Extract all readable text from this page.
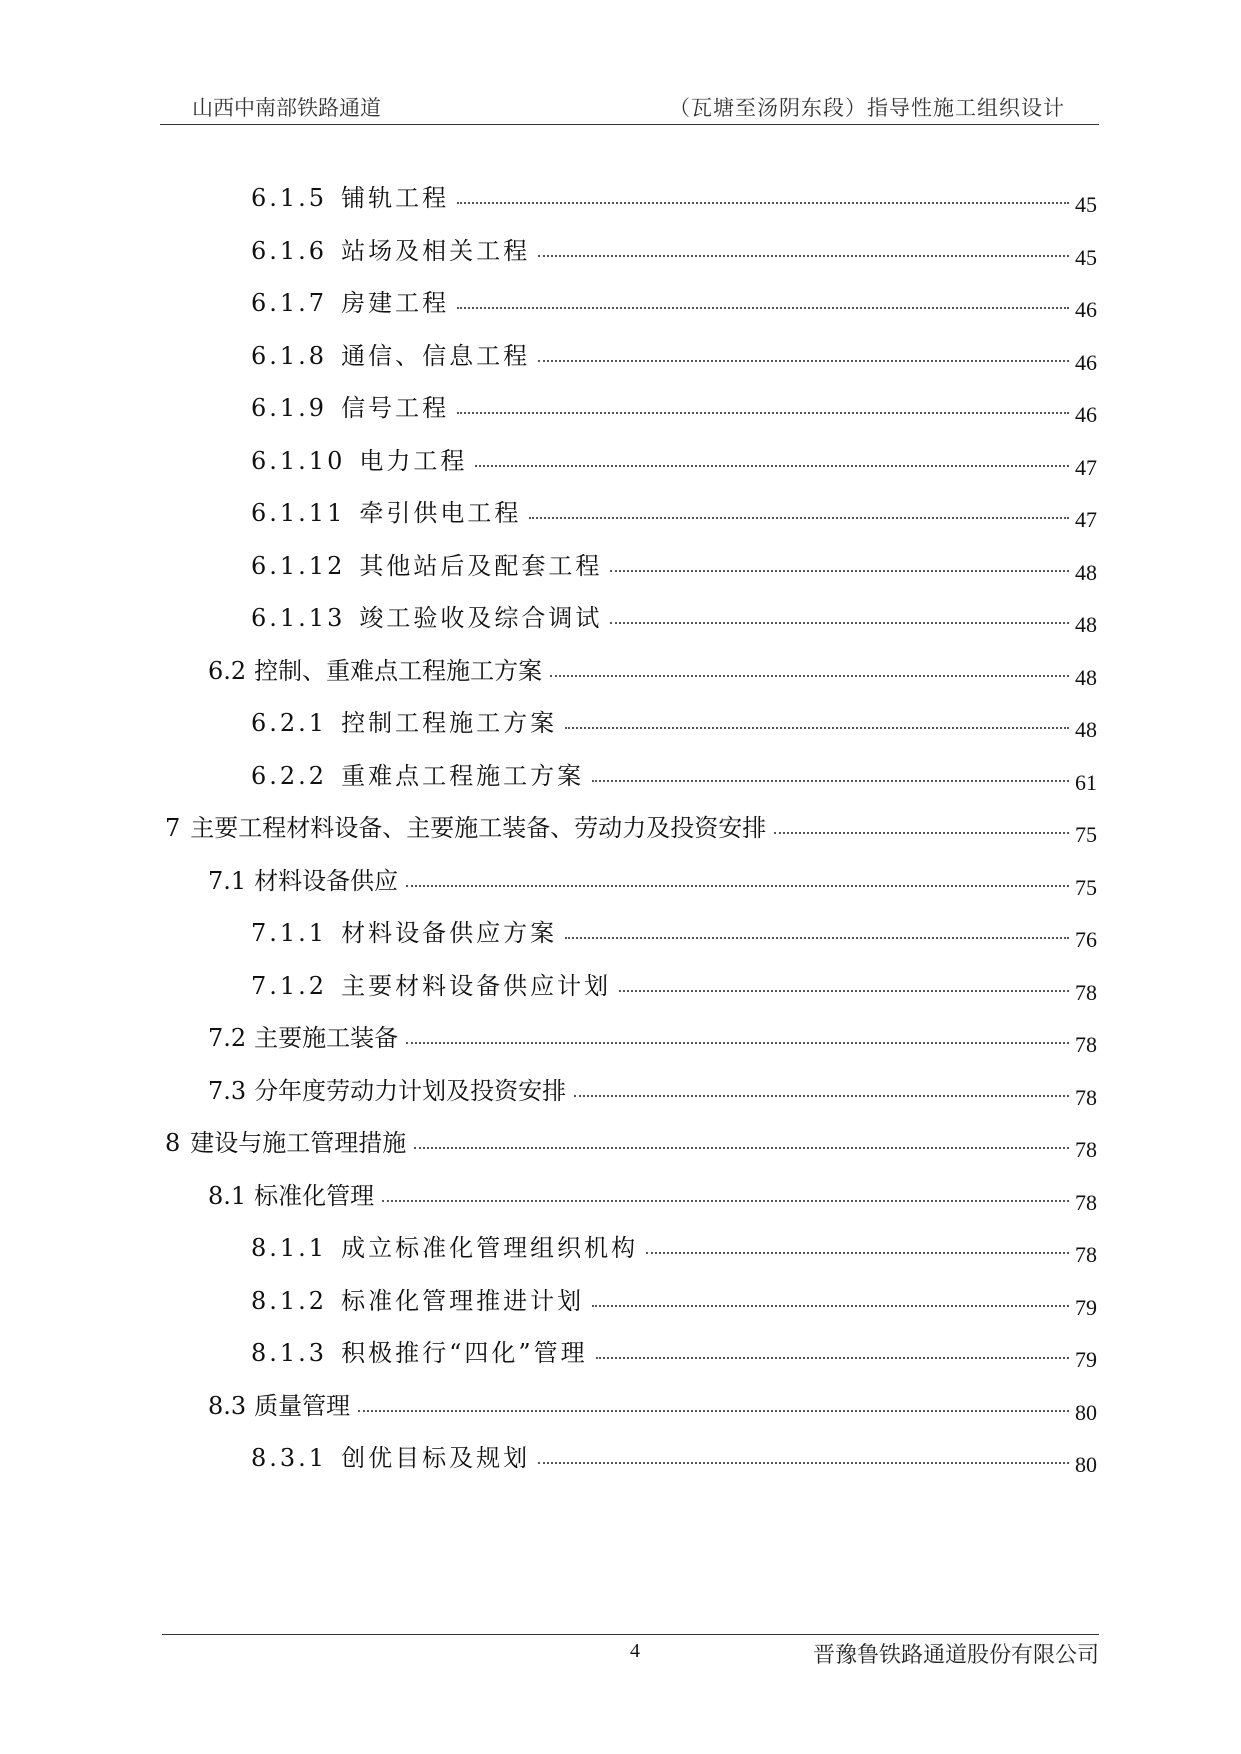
山西中南部铁路通道	（瓦塘至汤阴东段）指导性施工组织设计
6.1.5 铺轨工程	45
6.1.6 站场及相关工程	45
6.1.7 房建工程	46
6.1.8 通信、信息工程	46
6.1.9 信号工程	46
6.1.10 电力工程	47
6.1.11 牵引供电工程	47
6.1.12 其他站后及配套工程	48
6.1.13 竣工验收及综合调试	48
6.2 控制、重难点工程施工方案	48
6.2.1 控制工程施工方案	48
6.2.2 重难点工程施工方案	61
7 主要工程材料设备、主要施工装备、劳动力及投资安排	75
7.1 材料设备供应	75
7.1.1 材料设备供应方案	76
7.1.2 主要材料设备供应计划	78
7.2 主要施工装备	78
7.3 分年度劳动力计划及投资安排	78
8 建设与施工管理措施	78
8.1 标准化管理	78
8.1.1 成立标准化管理组织机构	78
8.1.2 标准化管理推进计划	79
8.1.3 积极推行“四化”管理	79
8.3 质量管理	80
8.3.1 创优目标及规划	80
4	晋豫鲁铁路通道股份有限公司
